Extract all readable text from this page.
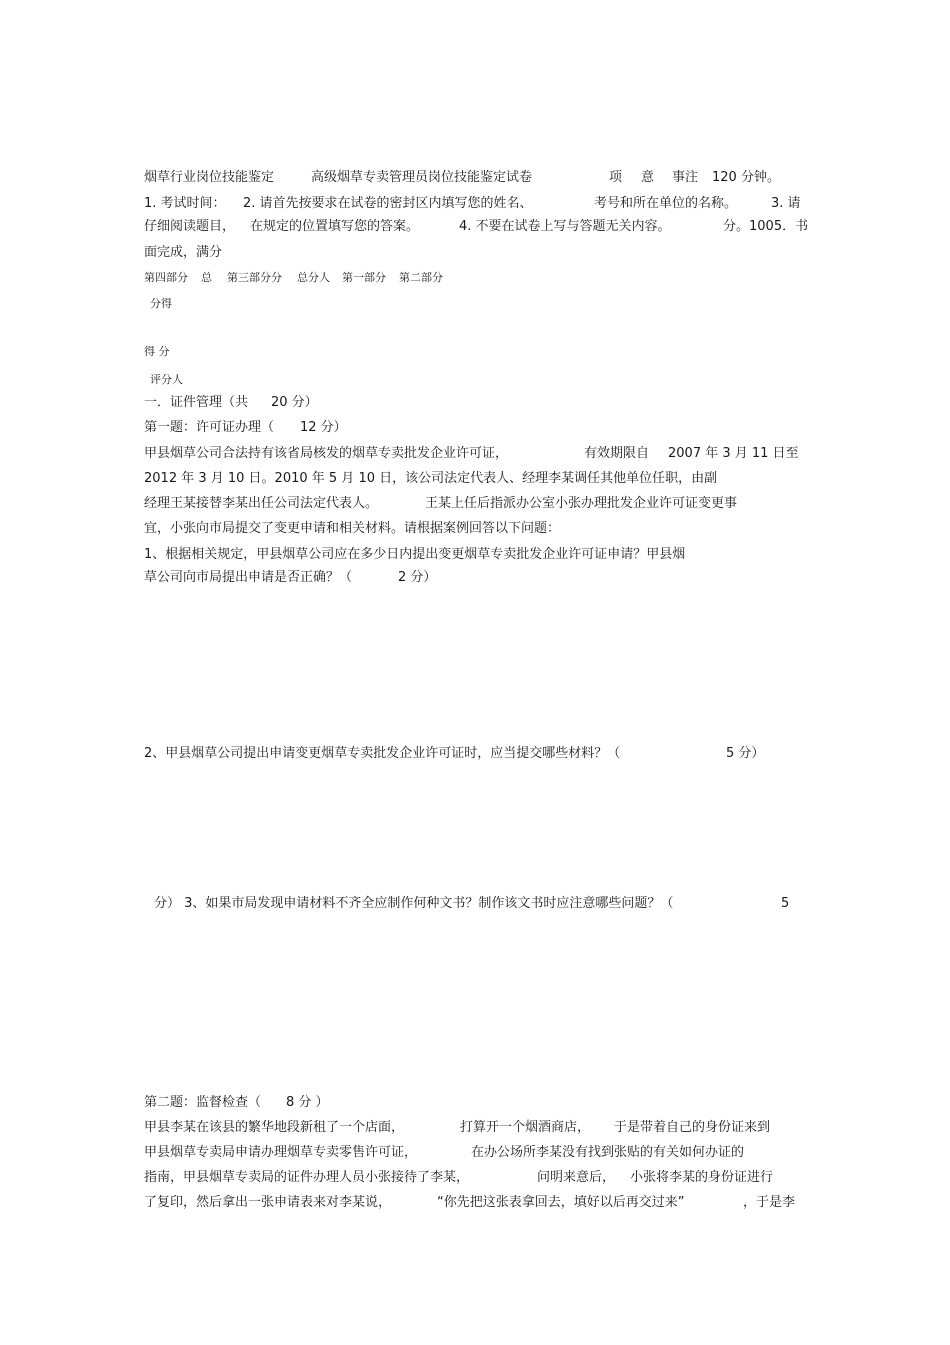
烟草行业岗位技能鉴定	高级烟草专卖管理员岗位技能鉴定试卷	项 意 事注 120 分钟。
1. 考试时间： 2. 请首先按要求在试卷的密封区内填写您的姓名、	考号和所在单位的名称。	3. 请
仔细阅读题目， 在规定的位置填写您的答案。	4. 不要在试卷上写与答题无关内容。	分。1005．书
面完成，满分
第四部分 总 第三部分分 总分人 第一部分 第二部分
分得
得 分
评分人
一．证件管理（共 20 分）
第一题：许可证办理（ 12 分）
甲县烟草公司合法持有该省局核发的烟草专卖批发企业许可证，	有效期限自 2007 年 3 月 11 日至
2012 年 3 月 10 日。2010 年 5 月 10 日，该公司法定代表人、经理李某调任其他单位任职，由副
经理王某接替李某出任公司法定代表人。	王某上任后指派办公室小张办理批发企业许可证变更事
宜，小张向市局提交了变更申请和相关材料。请根据案例回答以下问题：
1、根据相关规定，甲县烟草公司应在多少日内提出变更烟草专卖批发企业许可证申请？甲县烟
草公司向市局提出申请是否正确？（	2 分）
2、甲县烟草公司提出申请变更烟草专卖批发企业许可证时，应当提交哪些材料？（	5 分）
分） 3、如果市局发现申请材料不齐全应制作何种文书？制作该文书时应注意哪些问题？（	5
第二题：监督检查（ 8 分 ）
甲县李某在该县的繁华地段新租了一个店面，	打算开一个烟酒商店， 于是带着自己的身份证来到
甲县烟草专卖局申请办理烟草专卖零售许可证，	在办公场所李某没有找到张贴的有关如何办证的
指南，甲县烟草专卖局的证件办理人员小张接待了李某，	问明来意后， 小张将李某的身份证进行
了复印，然后拿出一张申请表来对李某说，	“你先把这张表拿回去，填好以后再交过来”	，于是李
